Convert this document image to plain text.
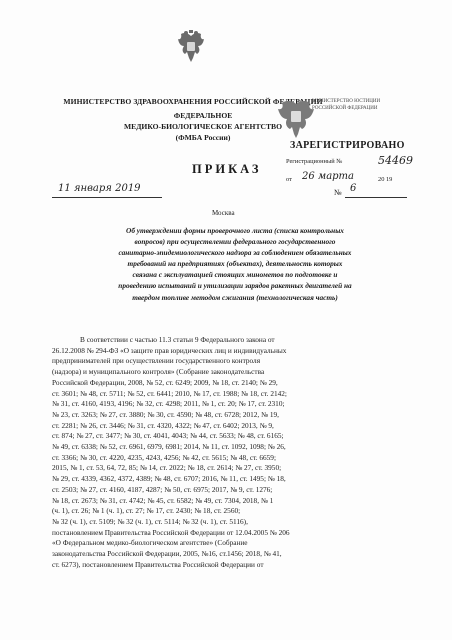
МИНИСТЕРСТВО ЗДРАВООХРАНЕНИЯ РОССИЙСКОЙ ФЕДЕРАЦИИ
ФЕДЕРАЛЬНОЕ
МЕДИКО-БИОЛОГИЧЕСКОЕ АГЕНТСТВО
(ФМБА России)
МИНИСТЕРСТВО ЮСТИЦИИ
РОССИЙСКОЙ ФЕДЕРАЦИИ
ЗАРЕГИСТРИРОВАНО
Регистрационный №	54469
от 26 марта	20 19
ПРИКАЗ
11 января 2019	№ 6
Москва
Об утверждении формы проверочного листа (списка контрольных
вопросов) при осуществлении федерального государственного
санитарно-эпидемиологического надзора за соблюдением обязательных
требований на предприятиях (объектах), деятельность которых
связана с эксплуатацией стоящих минометов по подготовке и
проведению испытаний и утилизации зарядов ракетных двигателей на
твердом топливе методом сжигания (технологическая часть)
В соответствии с частью 11.3 статьи 9 Федерального закона от
26.12.2008 № 294-ФЗ «О защите прав юридических лиц и индивидуальных
предпринимателей при осуществлении государственного контроля
(надзора) и муниципального контроля» (Собрание законодательства
Российской Федерации, 2008, № 52, ст. 6249; 2009, № 18, ст. 2140; № 29,
ст. 3601; № 48, ст. 5711; № 52, ст. 6441; 2010, № 17, ст. 1988; № 18, ст. 2142;
№ 31, ст. 4160, 4193, 4196; № 32, ст. 4298; 2011, № 1, ст. 20; № 17, ст. 2310;
№ 23, ст. 3263; № 27, ст. 3880; № 30, ст. 4590; № 48, ст. 6728; 2012, № 19,
ст. 2281; № 26, ст. 3446; № 31, ст. 4320, 4322; № 47, ст. 6402; 2013, № 9,
ст. 874; № 27, ст. 3477; № 30, ст. 4041, 4043; № 44, ст. 5633; № 48, ст. 6165;
№ 49, ст. 6338; № 52, ст. 6961, 6979, 6981; 2014, № 11, ст. 1092, 1098; № 26,
ст. 3366; № 30, ст. 4220, 4235, 4243, 4256; № 42, ст. 5615; № 48, ст. 6659;
2015, № 1, ст. 53, 64, 72, 85; № 14, ст. 2022; № 18, ст. 2614; № 27, ст. 3950;
№ 29, ст. 4339, 4362, 4372, 4389; № 48, ст. 6707; 2016, № 11, ст. 1495; № 18,
ст. 2503; № 27, ст. 4160, 4187, 4287; № 50, ст. 6975; 2017, № 9, ст. 1276;
№ 18, ст. 2673; № 31, ст. 4742; № 45, ст. 6582; № 49, ст. 7304, 2018, № 1
(ч. 1), ст. 26; № 1 (ч. 1), ст. 27; № 17, ст. 2430; № 18, ст. 2560;
№ 32 (ч. 1), ст. 5109; № 32 (ч. 1), ст. 5114; № 32 (ч. 1), ст. 5116),
постановлением Правительства Российской Федерации от 12.04.2005 № 206
«О Федеральном медико-биологическом агентстве» (Собрание
законодательства Российской Федерации, 2005, №16, ст.1456; 2018, № 41,
ст. 6273), постановлением Правительства Российской Федерации от
